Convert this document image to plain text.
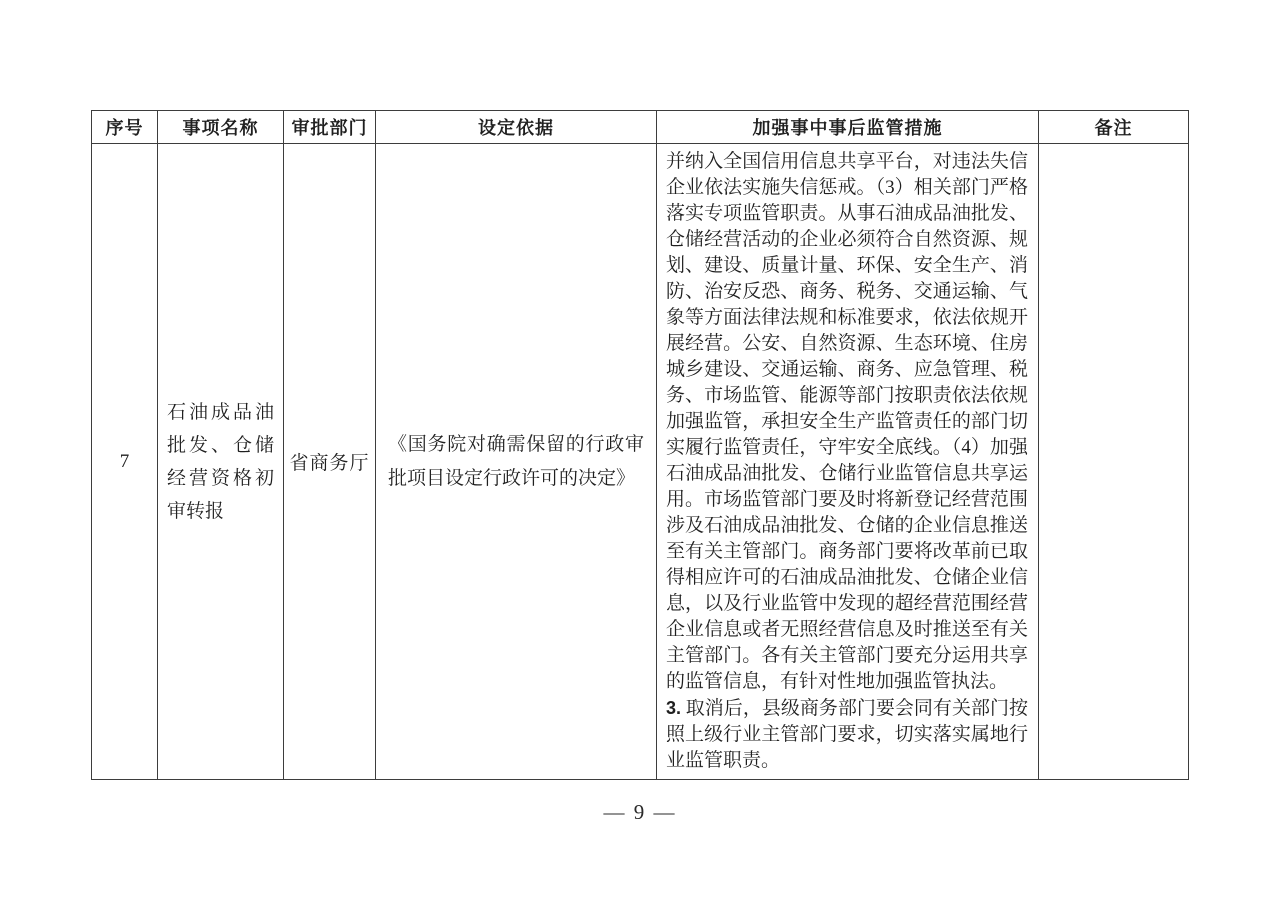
序号	事项名称	审批部门	设定依据	加强事中事后监管措施	备注
7	石油成品油批发、仓储经营资格初审转报	省商务厅	《国务院对确需保留的行政审批项目设定行政许可的决定》	并纳入全国信用信息共享平台，对违法失信企业依法实施失信惩戒。（3）相关部门严格落实专项监管职责。从事石油成品油批发、仓储经营活动的企业必须符合自然资源、规划、建设、质量计量、环保、安全生产、消防、治安反恐、商务、税务、交通运输、气象等方面法律法规和标准要求，依法依规开展经营。公安、自然资源、生态环境、住房城乡建设、交通运输、商务、应急管理、税务、市场监管、能源等部门按职责依法依规加强监管，承担安全生产监管责任的部门切实履行监管责任，守牢安全底线。（4）加强石油成品油批发、仓储行业监管信息共享运用。市场监管部门要及时将新登记经营范围涉及石油成品油批发、仓储的企业信息推送至有关主管部门。商务部门要将改革前已取得相应许可的石油成品油批发、仓储企业信息，以及行业监管中发现的超经营范围经营企业信息或者无照经营信息及时推送至有关主管部门。各有关主管部门要充分运用共享的监管信息，有针对性地加强监管执法。

3. 取消后，县级商务部门要会同有关部门按照上级行业主管部门要求，切实落实属地行业监管职责。	

— 9 —
